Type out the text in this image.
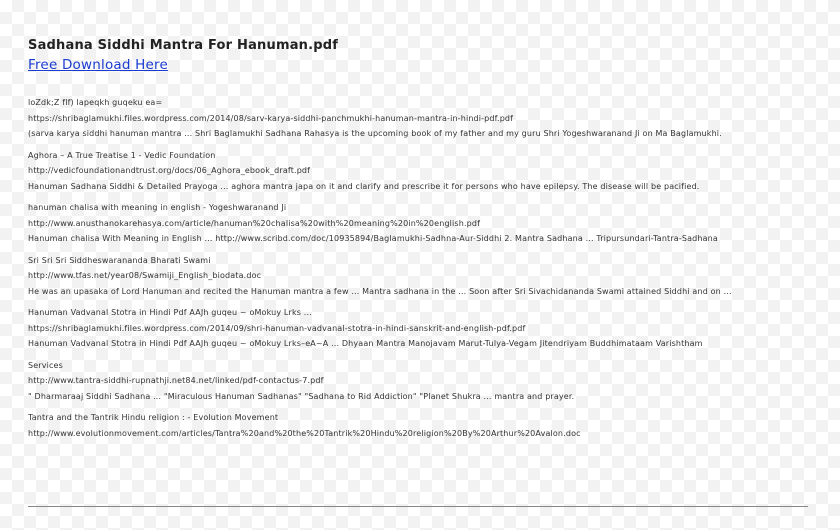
Sadhana Siddhi Mantra For Hanuman.pdf
Free Download Here
loZdk;Z flf) lapeqkh guqeku ea=
https://shribaglamukhi.files.wordpress.com/2014/08/sarv-karya-siddhi-panchmukhi-hanuman-mantra-in-hindi-pdf.pdf
(sarva karya siddhi hanuman mantra ... Shri Baglamukhi Sadhana Rahasya is the upcoming book of my father and my guru Shri Yogeshwaranand Ji on Ma Baglamukhi.
Aghora – A True Treatise 1 - Vedic Foundation
http://vedicfoundationandtrust.org/docs/06_Aghora_ebook_draft.pdf
Hanuman Sadhana Siddhi & Detailed Prayoga ... aghora mantra japa on it and clarify and prescribe it for persons who have epilepsy. The disease will be pacified.
hanuman chalisa with meaning in english - Yogeshwaranand Ji
http://www.anusthanokarehasya.com/article/hanuman%20chalisa%20with%20meaning%20in%20english.pdf
Hanuman chalisa With Meaning in English ... http://www.scribd.com/doc/10935894/Baglamukhi-Sadhna-Aur-Siddhi 2. Mantra Sadhana ... Tripursundari-Tantra-Sadhana
Sri Sri Sri Siddheswarananda Bharati Swami
http://www.tfas.net/year08/Swamiji_English_biodata.doc
He was an upasaka of Lord Hanuman and recited the Hanuman mantra a few ... Mantra sadhana in the ... Soon after Sri Sivachidananda Swami attained Siddhi and on ...
Hanuman Vadvanal Stotra in Hindi Pdf AAJh guqeu ~ oMokuy Lrks ...
https://shribaglamukhi.files.wordpress.com/2014/09/shri-hanuman-vadvanal-stotra-in-hindi-sanskrit-and-english-pdf.pdf
Hanuman Vadvanal Stotra in Hindi Pdf AAJh guqeu ~ oMokuy Lrks–eA~A ... Dhyaan Mantra Manojavam Marut-Tulya-Vegam Jitendriyam Buddhimataam Varishtham
Services
http://www.tantra-siddhi-rupnathji.net84.net/linked/pdf-contactus-7.pdf
" Dharmaraaj Siddhi Sadhana ... "Miraculous Hanuman Sadhanas" "Sadhana to Rid Addiction" "Planet Shukra ... mantra and prayer.
Tantra and the Tantrik Hindu religion : - Evolution Movement
http://www.evolutionmovement.com/articles/Tantra%20and%20the%20Tantrik%20Hindu%20religion%20By%20Arthur%20Avalon.doc
